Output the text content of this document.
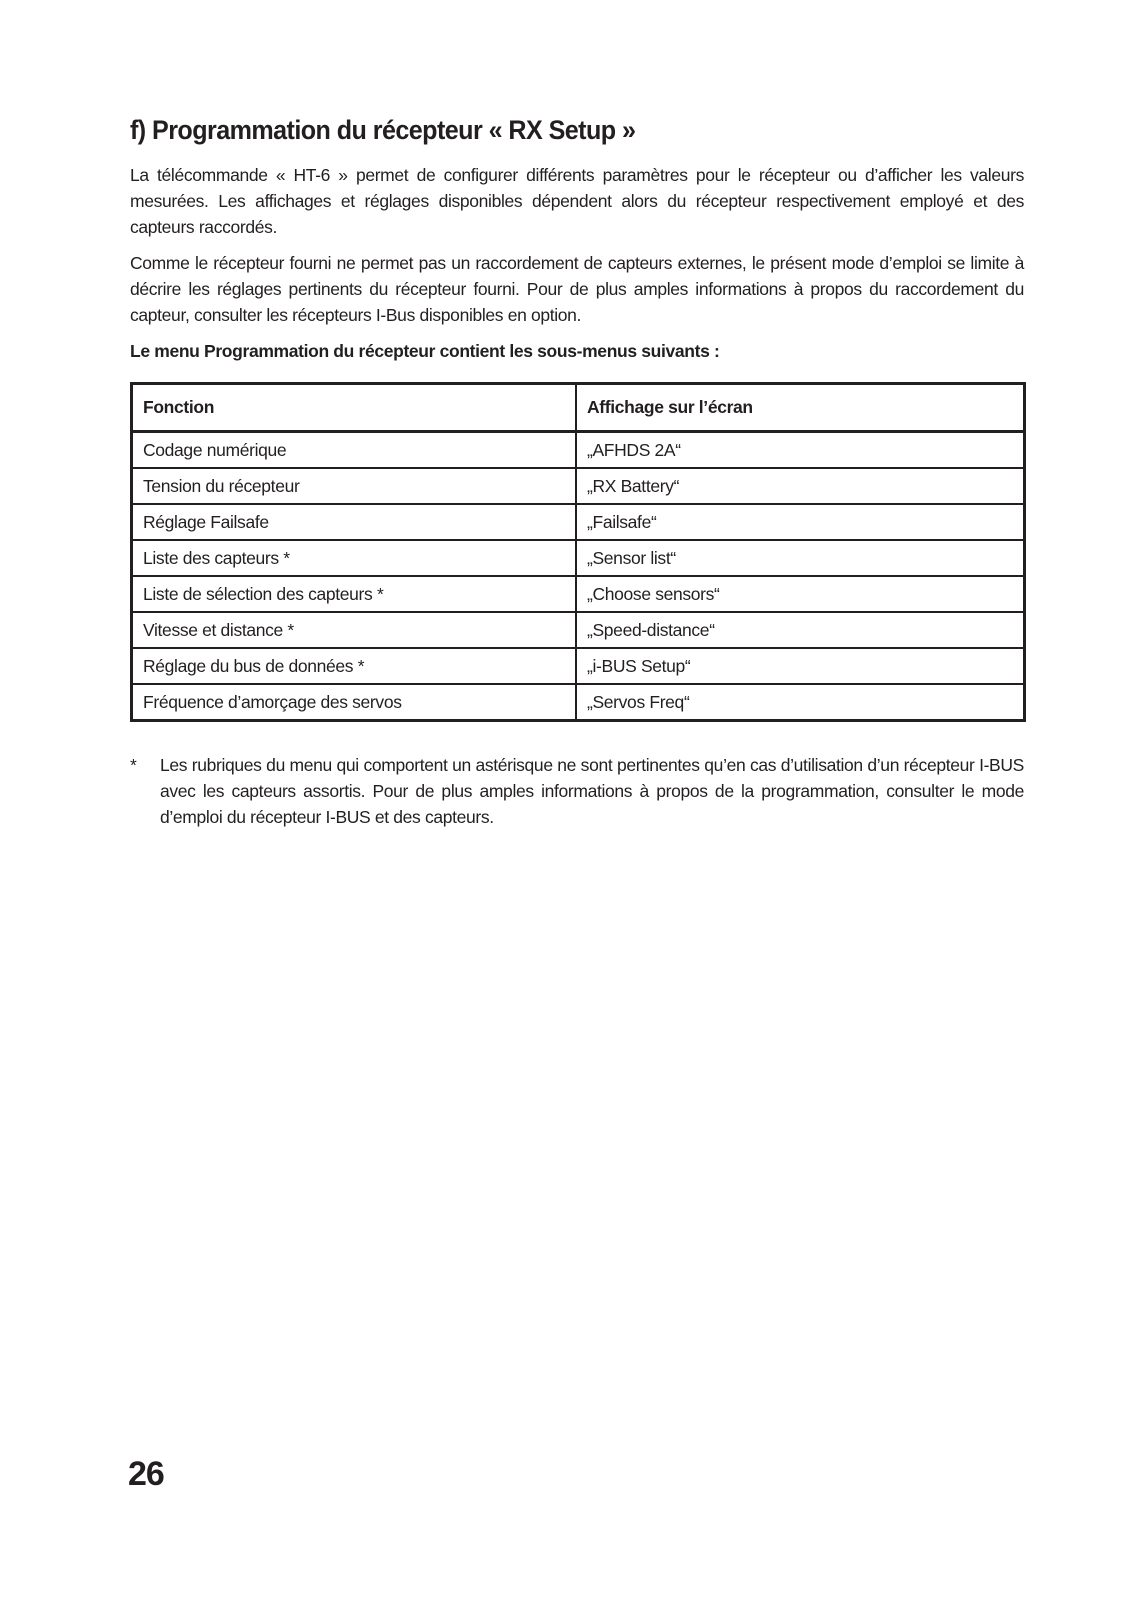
f) Programmation du récepteur « RX Setup »

La télécommande « HT-6 » permet de configurer différents paramètres pour le récepteur ou d’afficher les valeurs mesurées. Les affichages et réglages disponibles dépendent alors du récepteur respectivement employé et des capteurs raccordés.

Comme le récepteur fourni ne permet pas un raccordement de capteurs externes, le présent mode d’emploi se limite à décrire les réglages pertinents du récepteur fourni. Pour de plus amples informations à propos du raccordement du capteur, consulter les récepteurs I-Bus disponibles en option.

Le menu Programmation du récepteur contient les sous-menus suivants :

Fonction	Affichage sur l’écran
Codage numérique	„AFHDS 2A“
Tension du récepteur	„RX Battery“
Réglage Failsafe	„Failsafe“
Liste des capteurs *	„Sensor list“
Liste de sélection des capteurs *	„Choose sensors“
Vitesse et distance *	„Speed-distance“
Réglage du bus de données *	„i-BUS Setup“
Fréquence d’amorçage des servos	„Servos Freq“
*	Les rubriques du menu qui comportent un astérisque ne sont pertinentes qu’en cas d’utilisation d’un récepteur I-BUS avec les capteurs assortis. Pour de plus amples informations à propos de la programmation, consulter le mode d’emploi du récepteur I-BUS et des capteurs.
26
